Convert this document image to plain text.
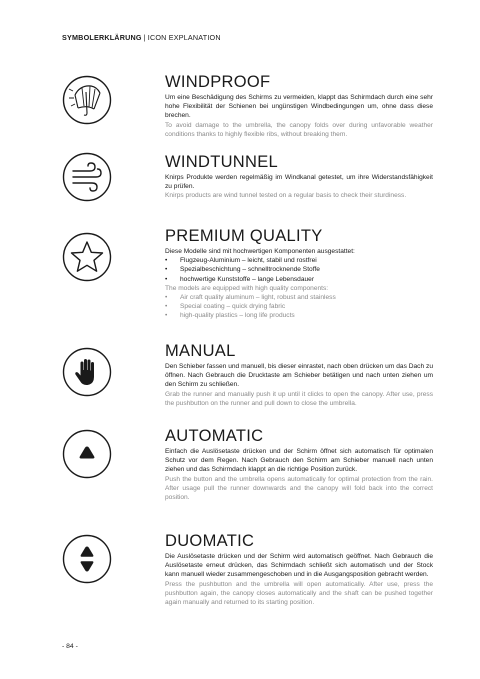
SYMBOLERKLÄRUNG | ICON EXPLANATION
WINDPROOF

Um eine Beschädigung des Schirms zu vermeiden, klappt das Schirmdach durch eine sehr hohe Flexibilität der Schienen bei ungünstigen Windbedingungen um, ohne dass diese brechen.

To avoid damage to the umbrella, the canopy folds over during unfavorable weather conditions thanks to highly flexible ribs, without breaking them.

WINDTUNNEL

Knirps Produkte werden regelmäßig im Windkanal getestet, um ihre Widerstandsfähigkeit zu prüfen.

Knirps products are wind tunnel tested on a regular basis to check their sturdiness.

PREMIUM QUALITY

Diese Modelle sind mit hochwertigen Komponenten ausgestattet:

• Flugzeug-Aluminium – leicht, stabil und rostfrei
• Spezialbeschichtung – schnelltrocknende Stoffe
• hochwertige Kunststoffe – lange Lebensdauer

The models are equipped with high quality components:

• Air craft quality aluminum – light, robust and stainless
• Special coating – quick drying fabric
• high-quality plastics – long life products
MANUAL

Den Schieber fassen und manuell, bis dieser einrastet, nach oben drücken um das Dach zu öffnen. Nach Gebrauch die Drucktaste am Schieber betätigen und nach unten ziehen um den Schirm zu schließen.

Grab the runner and manually push it up until it clicks to open the canopy. After use, press the pushbutton on the runner and pull down to close the umbrella.

AUTOMATIC

Einfach die Auslösetaste drücken und der Schirm öffnet sich automatisch für optimalen Schutz vor dem Regen. Nach Gebrauch den Schirm am Schieber manuell nach unten ziehen und das Schirmdach klappt an die richtige Position zurück.

Push the button and the umbrella opens automatically for optimal protection from the rain. After usage pull the runner downwards and the canopy will fold back into the correct position.

DUOMATIC

Die Auslösetaste drücken und der Schirm wird automatisch geöffnet. Nach Gebrauch die Auslösetaste erneut drücken, das Schirmdach schließt sich automatisch und der Stock kann manuell wieder zusammengeschoben und in die Ausgangsposition gebracht werden.

Press the pushbutton and the umbrella will open automatically. After use, press the pushbutton again, the canopy closes automatically and the shaft can be pushed together again manually and returned to its starting position.

- 84 -
